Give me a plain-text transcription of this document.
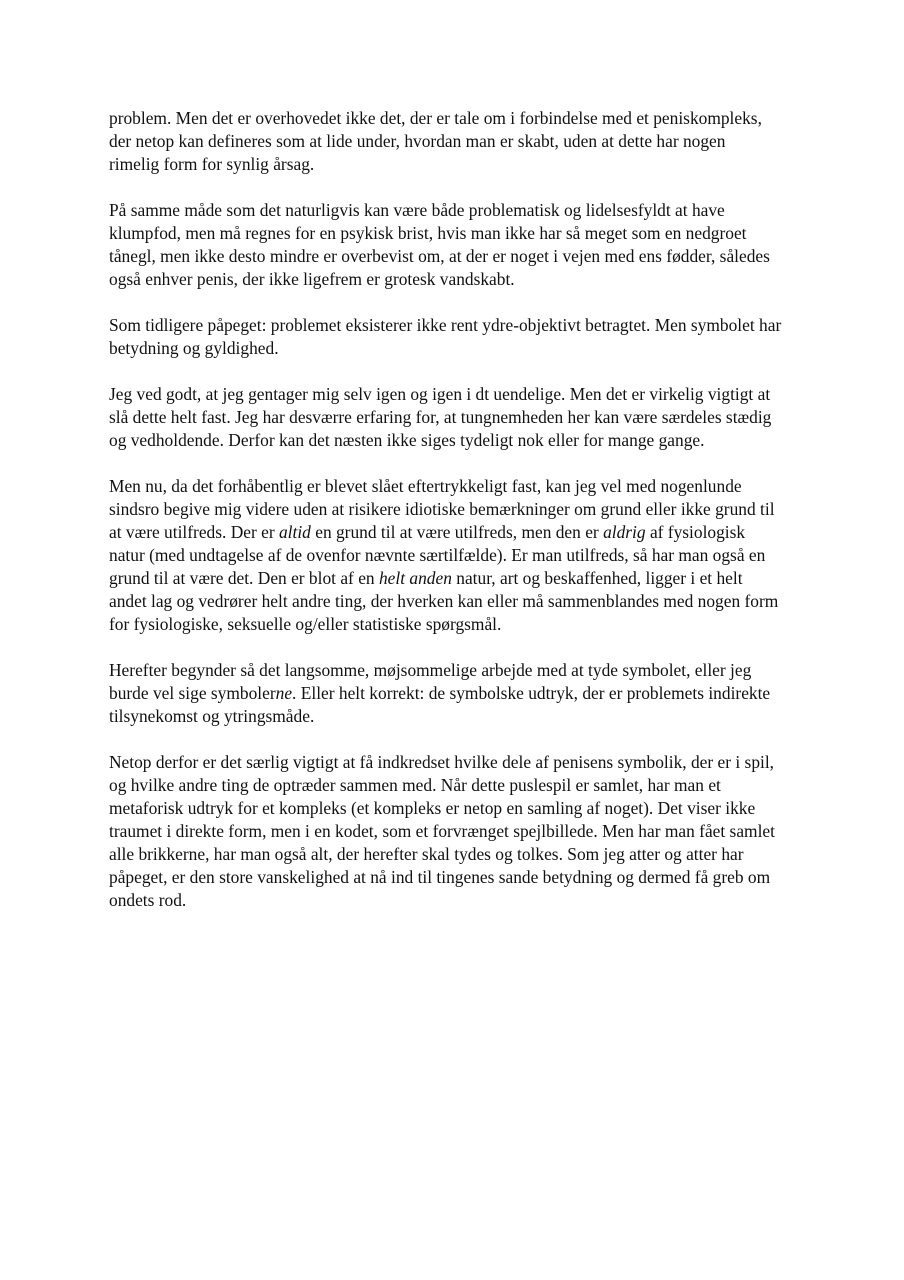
problem. Men det er overhovedet ikke det, der er tale om i forbindelse med et peniskompleks,
der netop kan defineres som at lide under, hvordan man er skabt, uden at dette har nogen
rimelig form for synlig årsag.

På samme måde som det naturligvis kan være både problematisk og lidelsesfyldt at have
klumpfod, men må regnes for en psykisk brist, hvis man ikke har så meget som en nedgroet
tånegl, men ikke desto mindre er overbevist om, at der er noget i vejen med ens fødder, således
også enhver penis, der ikke ligefrem er grotesk vandskabt.

Som tidligere påpeget: problemet eksisterer ikke rent ydre-objektivt betragtet. Men symbolet har
betydning og gyldighed.

Jeg ved godt, at jeg gentager mig selv igen og igen i dt uendelige. Men det er virkelig vigtigt at
slå dette helt fast. Jeg har desværre erfaring for, at tungnemheden her kan være særdeles stædig
og vedholdende. Derfor kan det næsten ikke siges tydeligt nok eller for mange gange.

Men nu, da det forhåbentlig er blevet slået eftertrykkeligt fast, kan jeg vel med nogenlunde
sindsro begive mig videre uden at risikere idiotiske bemærkninger om grund eller ikke grund til
at være utilfreds. Der er altid en grund til at være utilfreds, men den er aldrig af fysiologisk
natur (med undtagelse af de ovenfor nævnte særtilfælde). Er man utilfreds, så har man også en
grund til at være det. Den er blot af en helt anden natur, art og beskaffenhed, ligger i et helt
andet lag og vedrører helt andre ting, der hverken kan eller må sammenblandes med nogen form
for fysiologiske, seksuelle og/eller statistiske spørgsmål.

Herefter begynder så det langsomme, møjsommelige arbejde med at tyde symbolet, eller jeg
burde vel sige symbolerne. Eller helt korrekt: de symbolske udtryk, der er problemets indirekte
tilsynekomst og ytringsmåde.

Netop derfor er det særlig vigtigt at få indkredset hvilke dele af penisens symbolik, der er i spil,
og hvilke andre ting de optræder sammen med. Når dette puslespil er samlet, har man et
metaforisk udtryk for et kompleks (et kompleks er netop en samling af noget). Det viser ikke
traumet i direkte form, men i en kodet, som et forvrænget spejlbillede. Men har man fået samlet
alle brikkerne, har man også alt, der herefter skal tydes og tolkes. Som jeg atter og atter har
påpeget, er den store vanskelighed at nå ind til tingenes sande betydning og dermed få greb om
ondets rod.
